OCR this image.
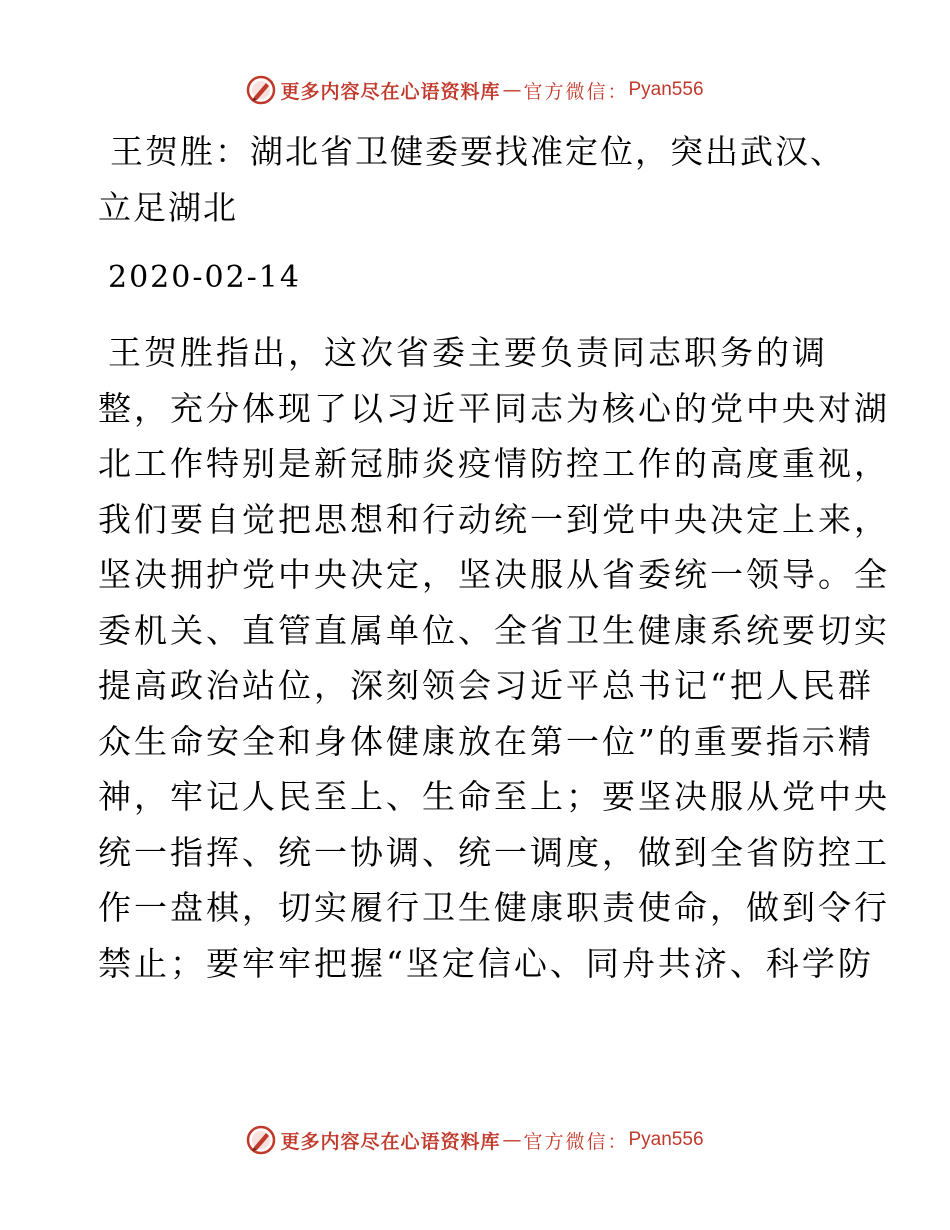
更多内容尽在心语资料库 — 官方微信： Pyan556
王贺胜：湖北省卫健委要找准定位，突出武汉、
立足湖北
2020-02-14
王贺胜指出，这次省委主要负责同志职务的调
整，充分体现了以习近平同志为核心的党中央对湖
北工作特别是新冠肺炎疫情防控工作的高度重视，
我们要自觉把思想和行动统一到党中央决定上来，
坚决拥护党中央决定，坚决服从省委统一领导。全
委机关、直管直属单位、全省卫生健康系统要切实
提高政治站位，深刻领会习近平总书记“把人民群
众生命安全和身体健康放在第一位”的重要指示精
神，牢记人民至上、生命至上；要坚决服从党中央
统一指挥、统一协调、统一调度，做到全省防控工
作一盘棋，切实履行卫生健康职责使命，做到令行
禁止；要牢牢把握“坚定信心、同舟共济、科学防
更多内容尽在心语资料库 — 官方微信： Pyan556
